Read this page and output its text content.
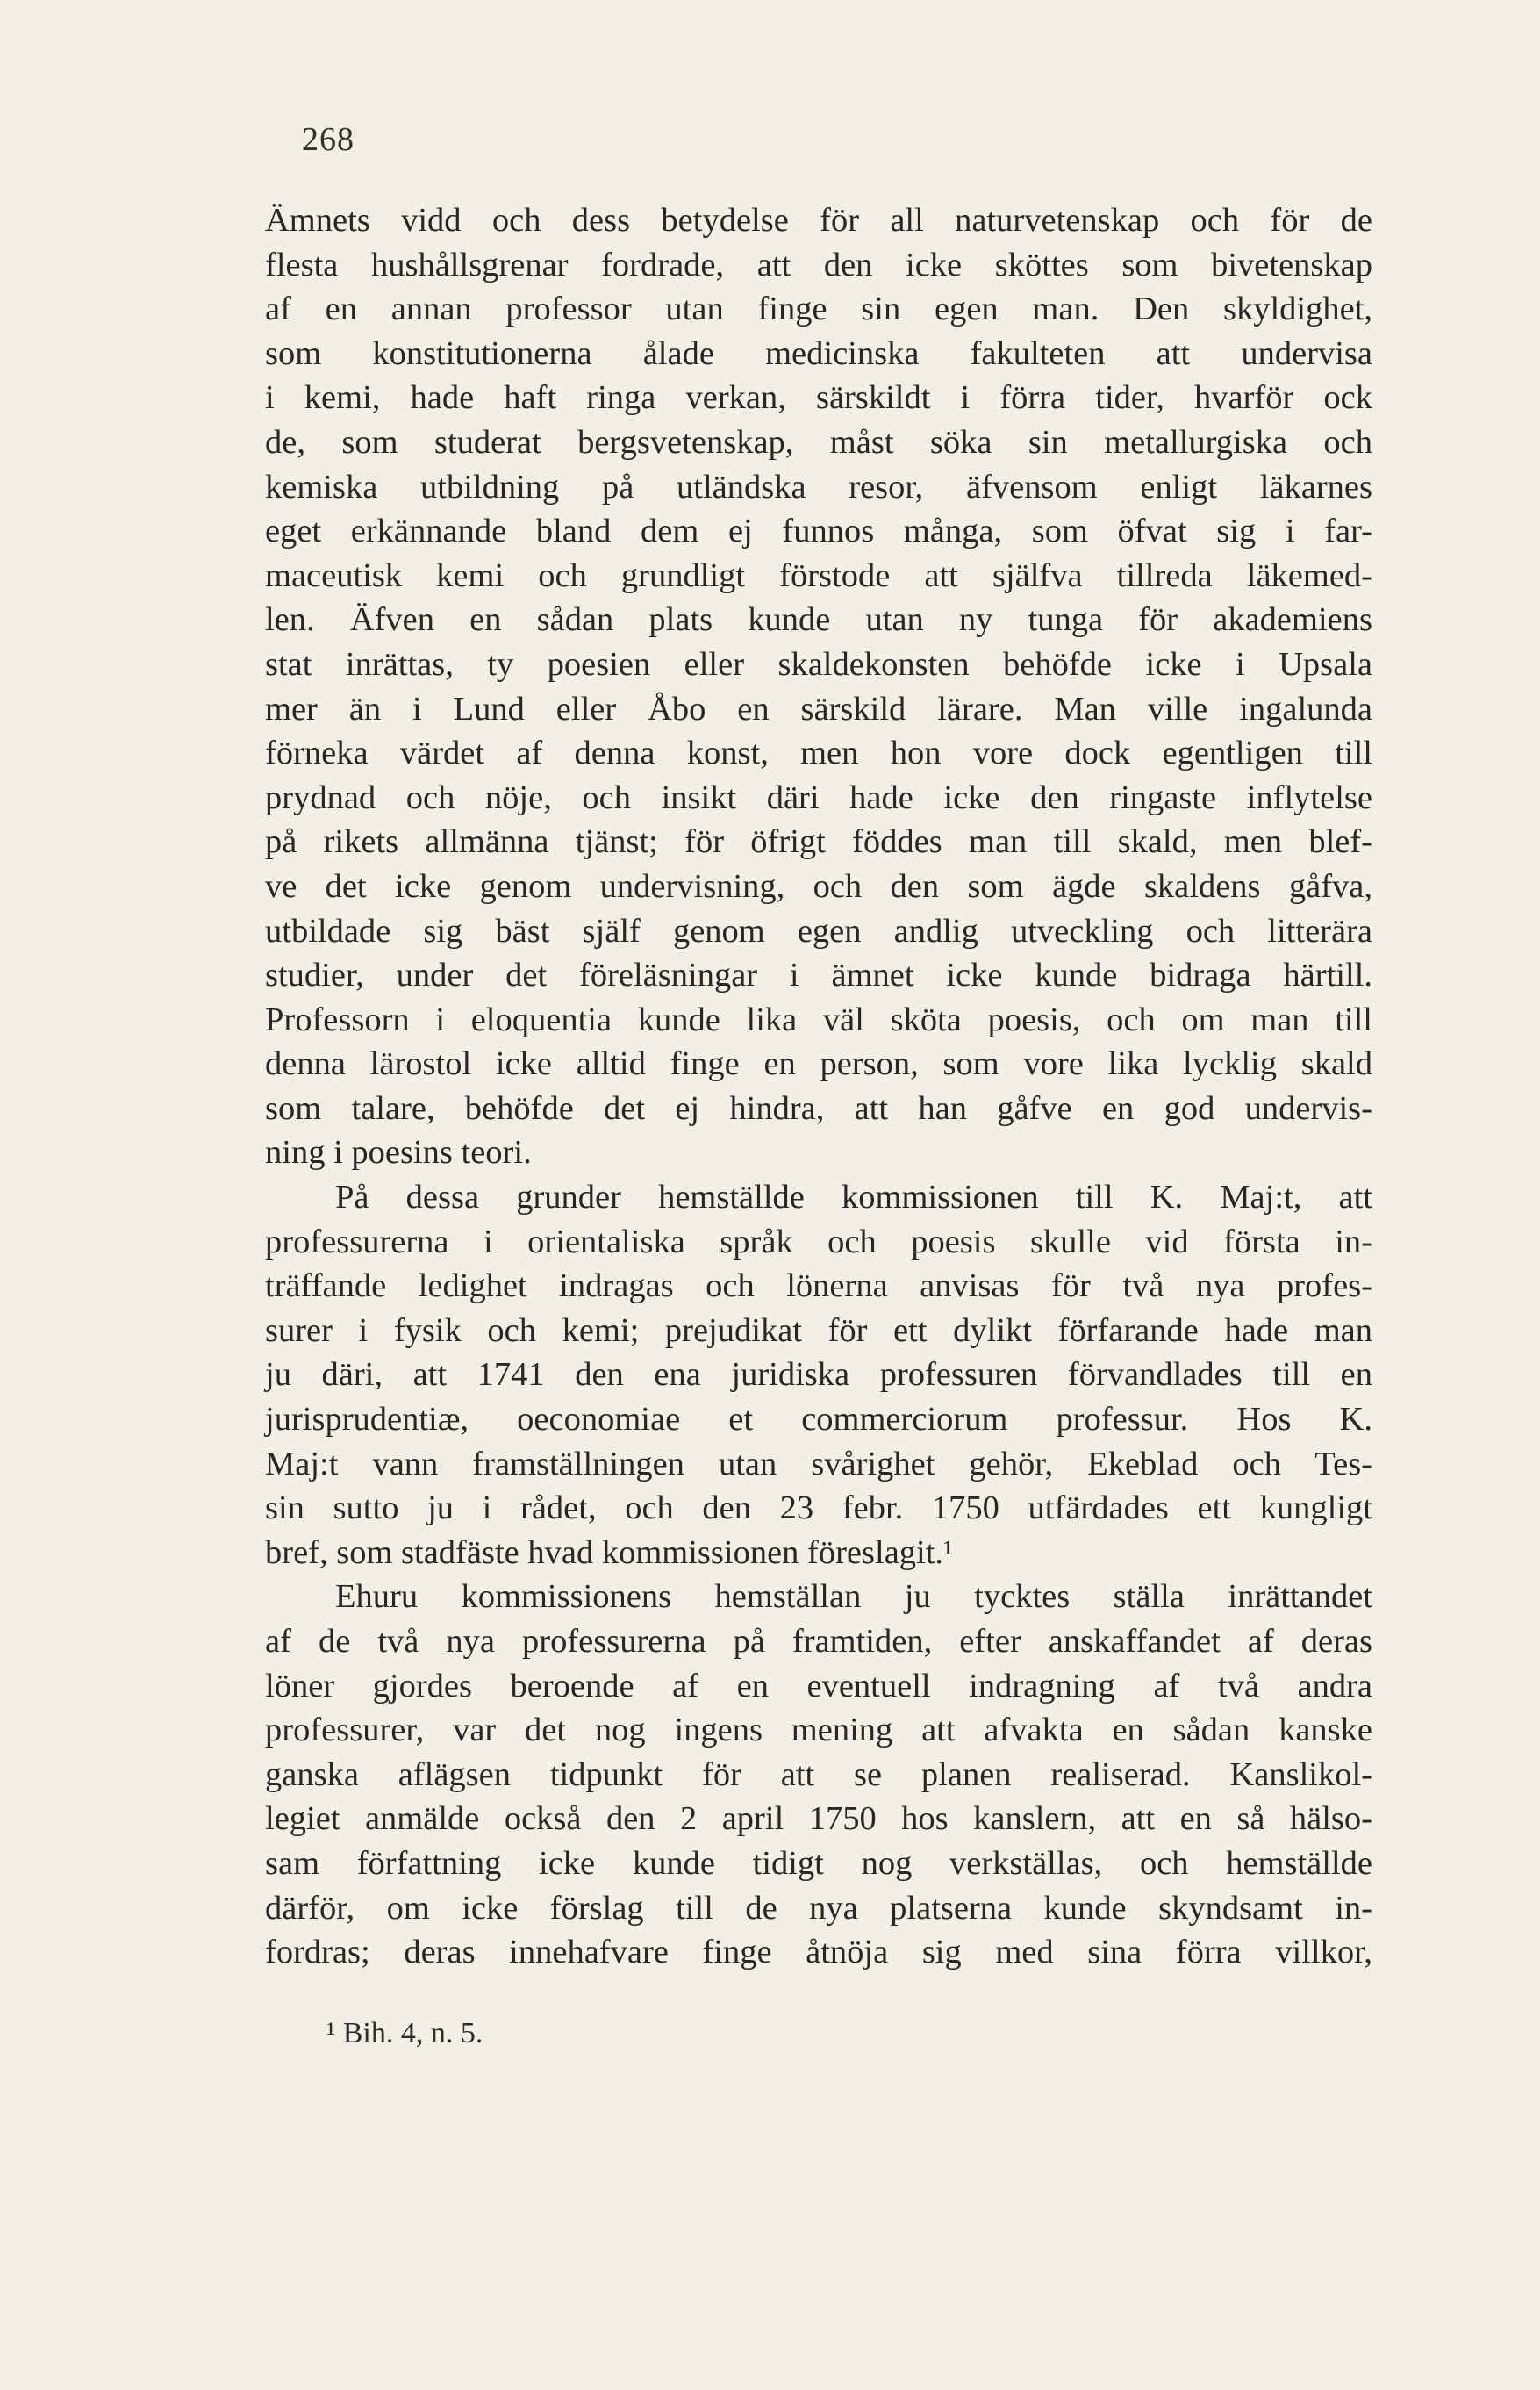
268
Ämnets vidd och dess betydelse för all naturvetenskap och för de
flesta hushållsgrenar fordrade, att den icke sköttes som bivetenskap
af en annan professor utan finge sin egen man. Den skyldighet,
som konstitutionerna ålade medicinska fakulteten att undervisa
i kemi, hade haft ringa verkan, särskildt i förra tider, hvarför ock
de, som studerat bergsvetenskap, måst söka sin metallurgiska och
kemiska utbildning på utländska resor, äfvensom enligt läkarnes
eget erkännande bland dem ej funnos många, som öfvat sig i far-
maceutisk kemi och grundligt förstode att själfva tillreda läkemed-
len. Äfven en sådan plats kunde utan ny tunga för akademiens
stat inrättas, ty poesien eller skaldekonsten behöfde icke i Upsala
mer än i Lund eller Åbo en särskild lärare. Man ville ingalunda
förneka värdet af denna konst, men hon vore dock egentligen till
prydnad och nöje, och insikt däri hade icke den ringaste inflytelse
på rikets allmänna tjänst; för öfrigt föddes man till skald, men blef-
ve det icke genom undervisning, och den som ägde skaldens gåfva,
utbildade sig bäst själf genom egen andlig utveckling och litterära
studier, under det föreläsningar i ämnet icke kunde bidraga härtill.
Professorn i eloquentia kunde lika väl sköta poesis, och om man till
denna lärostol icke alltid finge en person, som vore lika lycklig skald
som talare, behöfde det ej hindra, att han gåfve en god undervis-
ning i poesins teori.
På dessa grunder hemställde kommissionen till K. Maj:t, att
professurerna i orientaliska språk och poesis skulle vid första in-
träffande ledighet indragas och lönerna anvisas för två nya profes-
surer i fysik och kemi; prejudikat för ett dylikt förfarande hade man
ju däri, att 1741 den ena juridiska professuren förvandlades till en
jurisprudentiæ, oeconomiae et commerciorum professur. Hos K.
Maj:t vann framställningen utan svårighet gehör, Ekeblad och Tes-
sin sutto ju i rådet, och den 23 febr. 1750 utfärdades ett kungligt
bref, som stadfäste hvad kommissionen föreslagit.¹
Ehuru kommissionens hemställan ju tycktes ställa inrättandet
af de två nya professurerna på framtiden, efter anskaffandet af deras
löner gjordes beroende af en eventuell indragning af två andra
professurer, var det nog ingens mening att afvakta en sådan kanske
ganska aflägsen tidpunkt för att se planen realiserad. Kanslikol-
legiet anmälde också den 2 april 1750 hos kanslern, att en så hälso-
sam författning icke kunde tidigt nog verkställas, och hemställde
därför, om icke förslag till de nya platserna kunde skyndsamt in-
fordras; deras innehafvare finge åtnöja sig med sina förra villkor,
¹ Bih. 4, n. 5.
